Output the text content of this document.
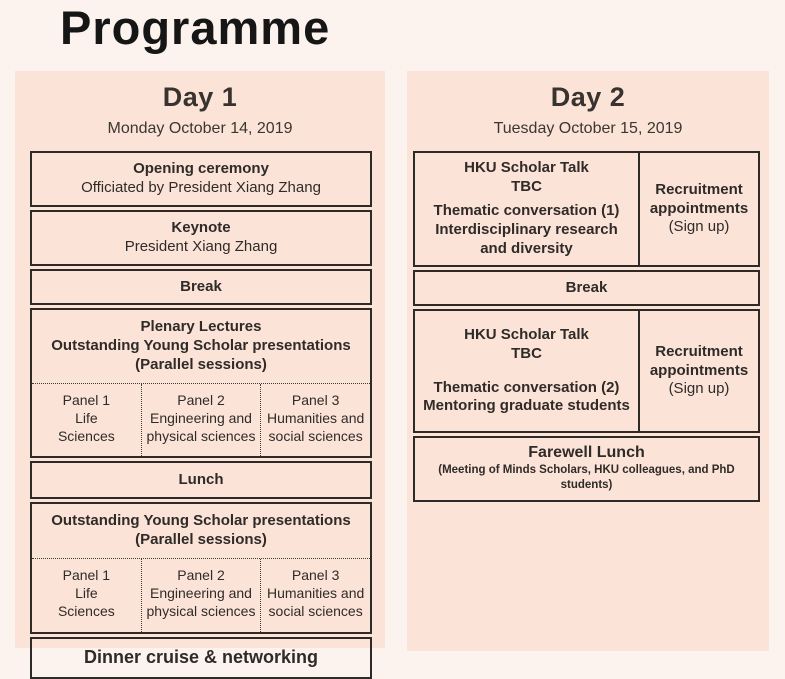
Programme
Day 1
Monday October 14, 2019
Opening ceremony
Officiated by President Xiang Zhang
Keynote
President Xiang Zhang
Break
Plenary Lectures
Outstanding Young Scholar presentations
(Parallel sessions)
Panel 1
Life
Sciences
Panel 2
Engineering and
physical sciences
Panel 3
Humanities and
social sciences
Lunch
Outstanding Young Scholar presentations
(Parallel sessions)
Panel 1
Life
Sciences
Panel 2
Engineering and
physical sciences
Panel 3
Humanities and
social sciences
Dinner cruise & networking
Day 2
Tuesday October 15, 2019
HKU Scholar Talk
TBC
Thematic conversation (1)
Interdisciplinary research
and diversity
Recruitment
appointments
(Sign up)
Break
HKU Scholar Talk
TBC
Thematic conversation (2)
Mentoring graduate students
Recruitment
appointments
(Sign up)
Farewell Lunch
(Meeting of Minds Scholars, HKU colleagues, and PhD students)
